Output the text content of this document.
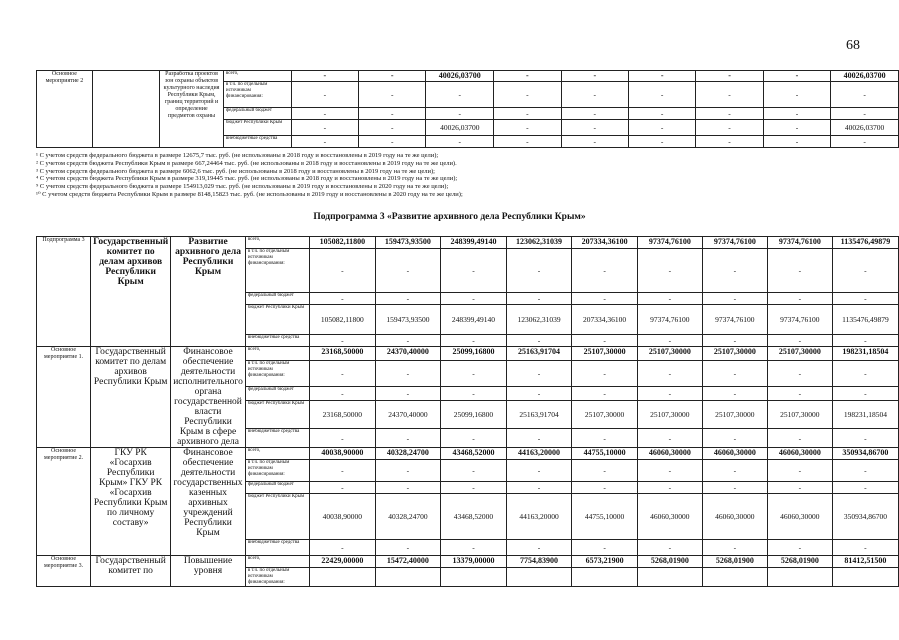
68
Основное мероприятие 2		Разработка проектов зон охраны объектов культурного наследия Республики Крым, границ территорий и определение предметов охраны	всего,	-	-	40026,03700	-	-	-	-	-	40026,03700
			в т.ч. по отдельным источникам финансирования:	-	-	-	-	-	-	-	-	-
			федеральный бюджет	-	-	-	-	-	-	-	-	-
			бюджет Республики Крым	-	-	40026,03700	-	-	-	-	-	40026,03700
			внебюджетные средства	-	-	-	-	-	-	-	-	-
¹ С учетом средств федерального бюджета в размере 12675,7 тыс. руб. (не использованы в 2018 году и восстановлены в 2019 году на те же цели);
² С учетом средств бюджета Республики Крым в размере 667,24464 тыс. руб. (не использованы в 2018 году и восстановлены в 2019 году на те же цели).
³ С учетом средств федерального бюджета в размере 6062,6 тыс. руб. (не использованы в 2018 году и восстановлены в 2019 году на те же цели);
⁴ С учетом средств бюджета Республики Крым в размере 319,19445 тыс. руб. (не использованы в 2018 году и восстановлены в 2019 году на те же цели);
⁹ С учетом средств федерального бюджета в размере 154913,029 тыс. руб. (не использованы в 2019 году и восстановлены в 2020 году на те же цели);
¹⁰ С учетом средств бюджета Республики Крым в размере 8148,15823 тыс. руб. (не использованы в 2019 году и восстановлены в 2020 году на те же цели);
Подпрограмма 3 «Развитие архивного дела Республики Крым»
Подпрограмма 3	Государственный комитет по делам архивов Республики Крым	Развитие архивного дела Республики Крым	всего,	105082,11800	159473,93500	248399,49140	123062,31039	207334,36100	97374,76100	97374,76100	97374,76100	1135476,49879
			в т.ч. по отдельным источникам финансирования:	-	-	-	-	-	-	-	-	-
			федеральный бюджет	-	-	-	-	-	-	-	-	-
			бюджет Республики Крым	105082,11800	159473,93500	248399,49140	123062,31039	207334,36100	97374,76100	97374,76100	97374,76100	1135476,49879
			внебюджетные средства	-	-	-	-	-	-	-	-	-
Основное мероприятие 1.	Государственный комитет по делам архивов Республики Крым	Финансовое обеспечение деятельности исполнительного органа государственной власти Республики Крым в сфере архивного дела	всего,	23168,50000	24370,40000	25099,16800	25163,91704	25107,30000	25107,30000	25107,30000	25107,30000	198231,18504
			в т.ч. по отдельным источникам финансирования:	-	-	-	-	-	-	-	-	-
			федеральный бюджет	-	-	-	-	-	-	-	-	-
			бюджет Республики Крым	23168,50000	24370,40000	25099,16800	25163,91704	25107,30000	25107,30000	25107,30000	25107,30000	198231,18504
			внебюджетные средства	-	-	-	-	-	-	-	-	-
Основное мероприятие 2.	ГКУ РК «Госархив Республики Крым» ГКУ РК «Госархив Республики Крым по личному составу»	Финансовое обеспечение деятельности государственных казенных архивных учреждений Республики Крым	всего,	40038,90000	40328,24700	43468,52000	44163,20000	44755,10000	46060,30000	46060,30000	46060,30000	350934,86700
			в т.ч. по отдельным источникам финансирования:	-	-	-	-	-	-	-	-	-
			федеральный бюджет	-	-	-	-	-	-	-	-	-
			бюджет Республики Крым	40038,90000	40328,24700	43468,52000	44163,20000	44755,10000	46060,30000	46060,30000	46060,30000	350934,86700
			внебюджетные средства	-	-	-	-	-	-	-	-	-
Основное мероприятие 3.	Государственный комитет по	Повышение уровня	всего,	22429,00000	15472,40000	13379,00000	7754,83900	6573,21900	5268,01900	5268,01900	5268,01900	81412,51500
			в т.ч. по отдельным источникам финансирования:									
